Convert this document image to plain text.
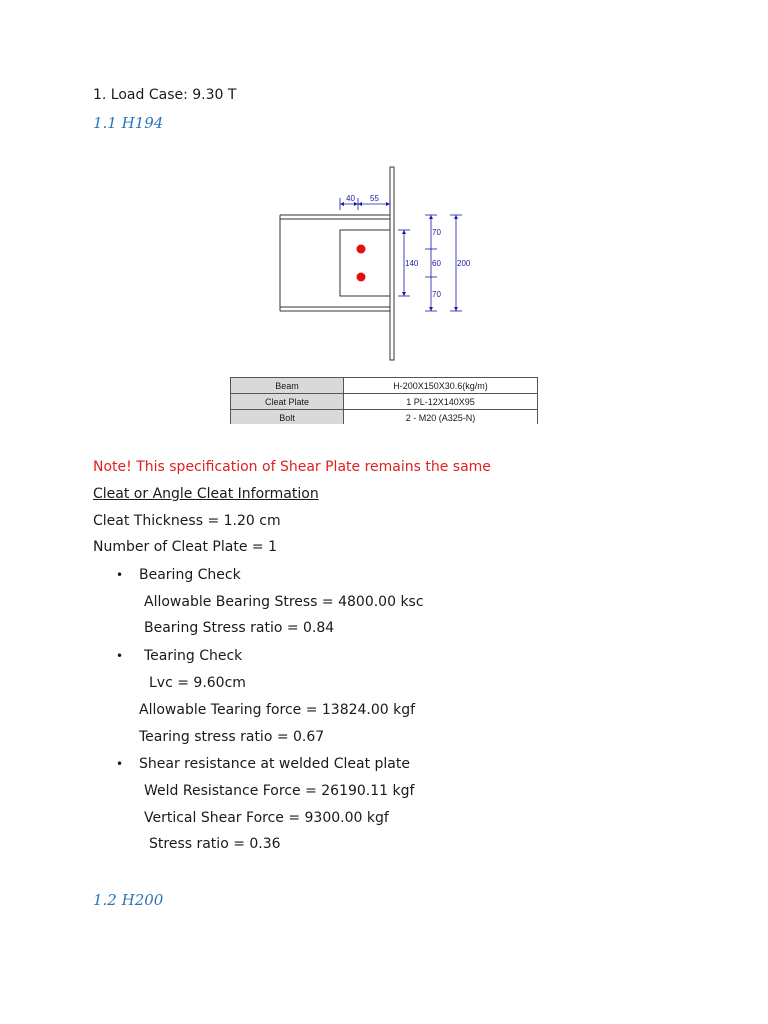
1. Load Case: 9.30 T
1.1 H194
40 55
140
70
60
70
200
Beam	H-200X150X30.6(kg/m)
Cleat Plate	1 PL-12X140X95
Bolt	2 - M20 (A325-N)
Note! This specification of Shear Plate remains the same
Cleat or Angle Cleat Information
Cleat Thickness = 1.20 cm
Number of Cleat Plate = 1
• Bearing Check
Allowable Bearing Stress = 4800.00 ksc
Bearing Stress ratio = 0.84
• Tearing Check
Lvc = 9.60cm
Allowable Tearing force = 13824.00 kgf
Tearing stress ratio = 0.67
• Shear resistance at welded Cleat plate
Weld Resistance Force = 26190.11 kgf
Vertical Shear Force = 9300.00 kgf
Stress ratio = 0.36
1.2 H200
